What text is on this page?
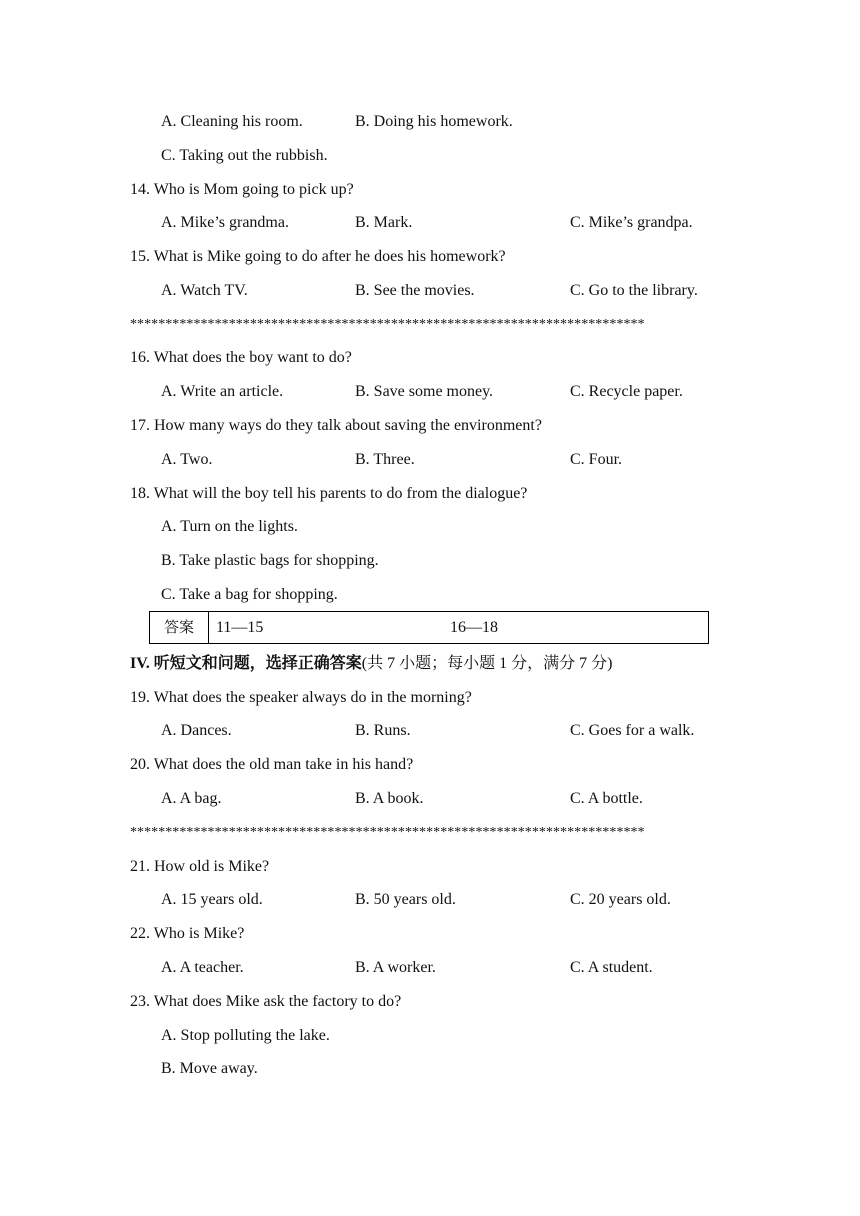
A. Cleaning his room.	B. Doing his homework.
C. Taking out the rubbish.
14. Who is Mom going to pick up?
A. Mike’s grandma.	B. Mark.	C. Mike’s grandpa.
15. What is Mike going to do after he does his homework?
A. Watch TV.	B. See the movies.	C. Go to the library.
*************************************************************************
16. What does the boy want to do?
A. Write an article.	B. Save some money.	C. Recycle paper.
17. How many ways do they talk about saving the environment?
A. Two.	B. Three.	C. Four.
18. What will the boy tell his parents to do from the dialogue?
A. Turn on the lights.
B. Take plastic bags for shopping.
C. Take a bag for shopping.
答案	11—15	16—18
IV. 听短文和问题，选择正确答案(共 7 小题；每小题 1 分，满分 7 分)
19. What does the speaker always do in the morning?
A. Dances.	B. Runs.	C. Goes for a walk.
20. What does the old man take in his hand?
A. A bag.	B. A book.	C. A bottle.
*************************************************************************
21. How old is Mike?
A. 15 years old.	B. 50 years old.	C. 20 years old.
22. Who is Mike?
A. A teacher.	B. A worker.	C. A student.
23. What does Mike ask the factory to do?
A. Stop polluting the lake.
B. Move away.
